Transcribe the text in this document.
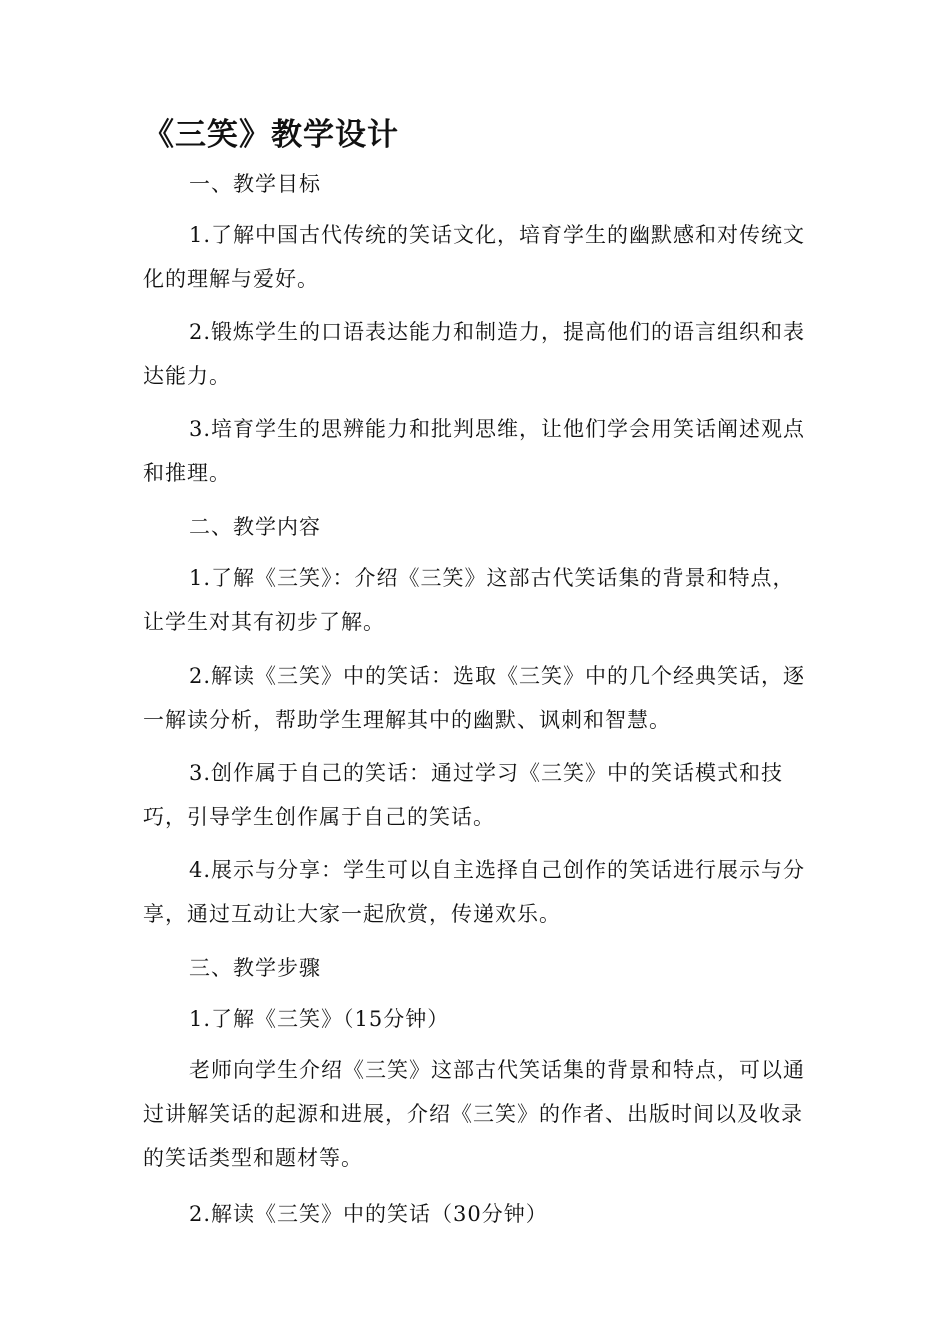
《三笑》教学设计

一、教学目标

1.了解中国古代传统的笑话文化，培育学生的幽默感和对传统文化的理解与爱好。

2.锻炼学生的口语表达能力和制造力，提高他们的语言组织和表达能力。

3.培育学生的思辨能力和批判思维，让他们学会用笑话阐述观点和推理。

二、教学内容

1.了解《三笑》：介绍《三笑》这部古代笑话集的背景和特点，让学生对其有初步了解。

2.解读《三笑》中的笑话：选取《三笑》中的几个经典笑话，逐一解读分析，帮助学生理解其中的幽默、讽刺和智慧。

3.创作属于自己的笑话：通过学习《三笑》中的笑话模式和技巧，引导学生创作属于自己的笑话。

4.展示与分享：学生可以自主选择自己创作的笑话进行展示与分享，通过互动让大家一起欣赏，传递欢乐。

三、教学步骤

1.了解《三笑》（15分钟）

老师向学生介绍《三笑》这部古代笑话集的背景和特点，可以通过讲解笑话的起源和进展，介绍《三笑》的作者、出版时间以及收录的笑话类型和题材等。

2.解读《三笑》中的笑话（30分钟）
